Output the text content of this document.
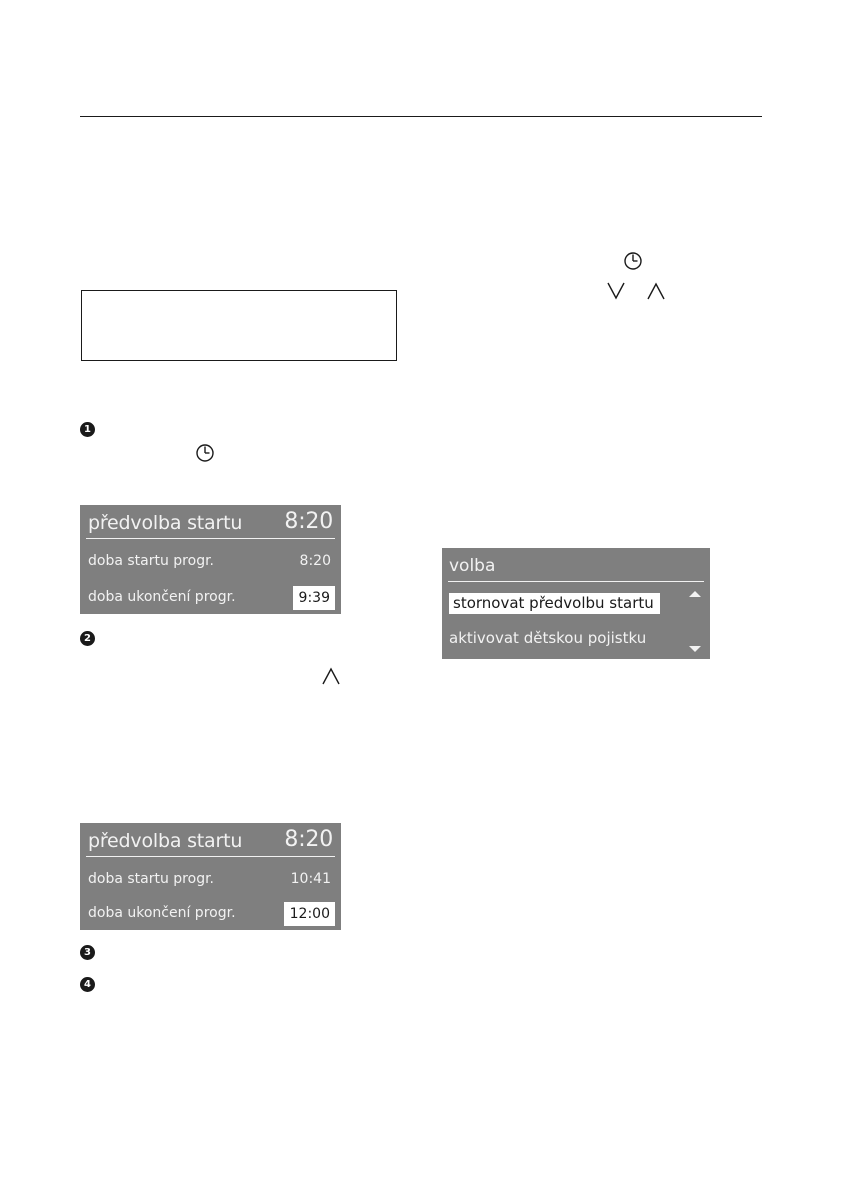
1
2
3
4
předvolba startu 8:20
doba startu progr.	8:20
doba ukončení progr.	9:39
předvolba startu 8:20
doba startu progr.	10:41
doba ukončení progr.	12:00
volba
stornovat předvolbu startu
aktivovat dětskou pojistku
